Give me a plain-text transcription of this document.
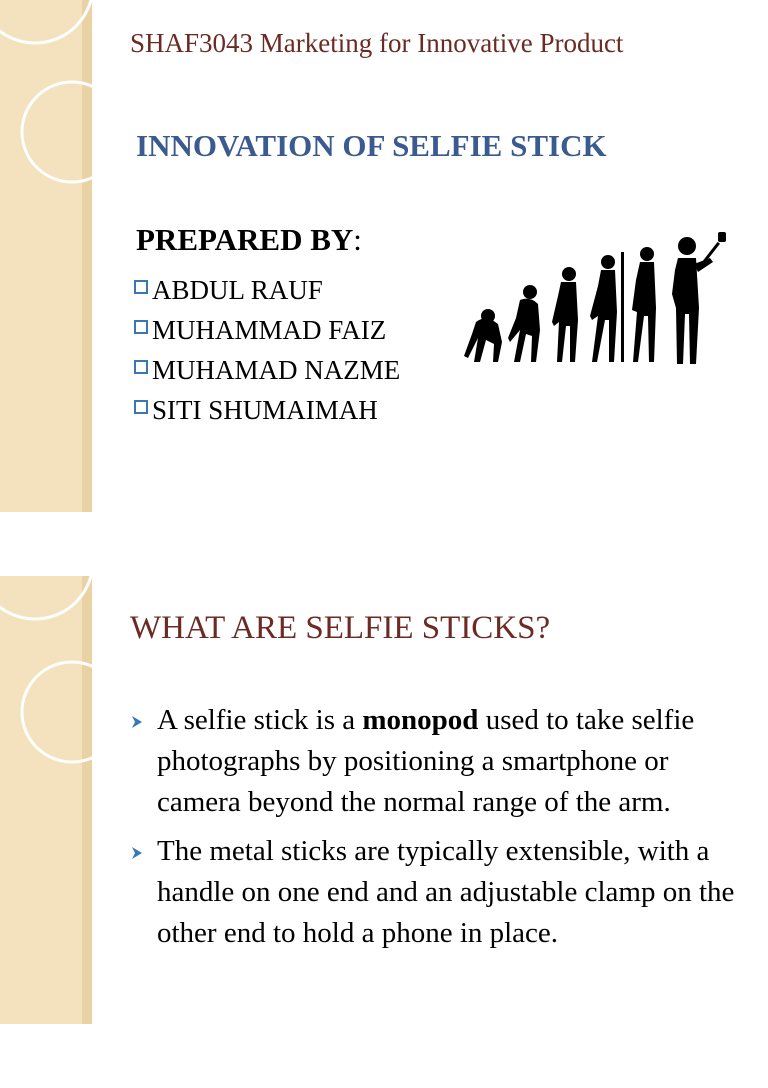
SHAF3043 Marketing for Innovative Product
INNOVATION OF SELFIE STICK
PREPARED BY:
ABDUL RAUF
MUHAMMAD FAIZ
MUHAMAD NAZME
SITI SHUMAIMAH
WHAT ARE SELFIE STICKS?
A selfie stick is a monopod used to take selfie photographs by positioning a smartphone or camera beyond the normal range of the arm.
The metal sticks are typically extensible, with a handle on one end and an adjustable clamp on the other end to hold a phone in place.
